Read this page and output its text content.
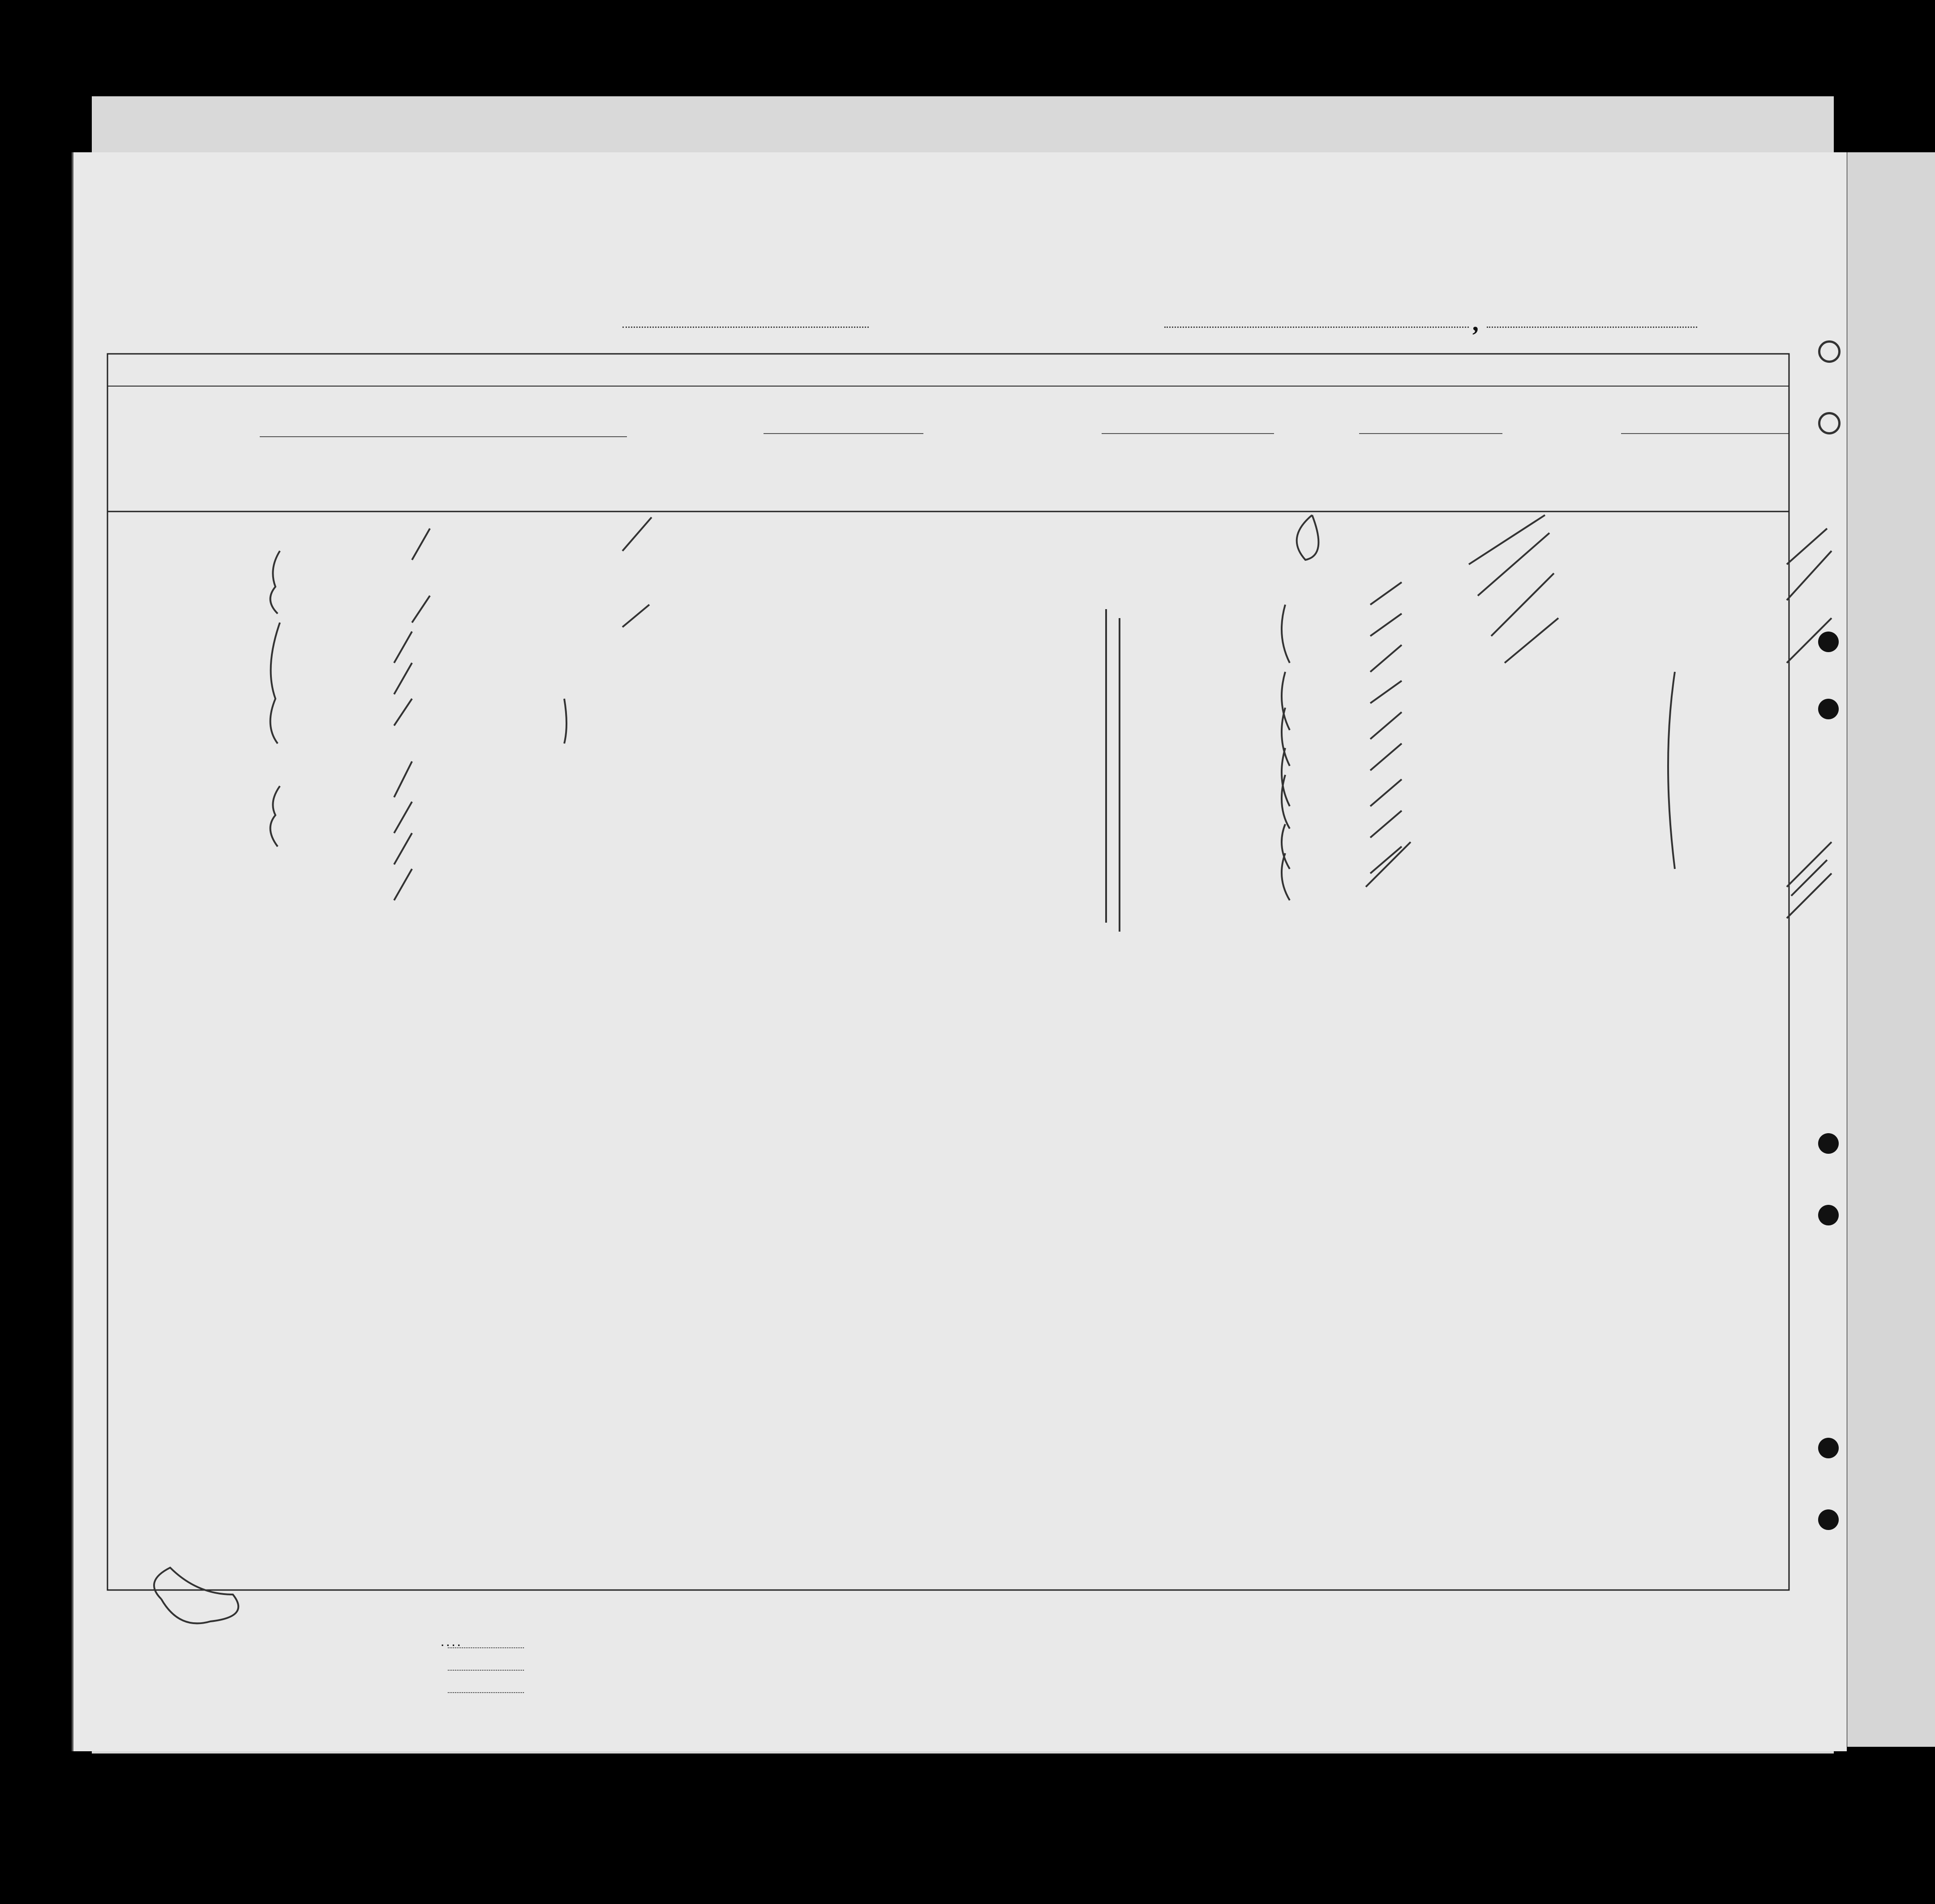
,
. . . .
